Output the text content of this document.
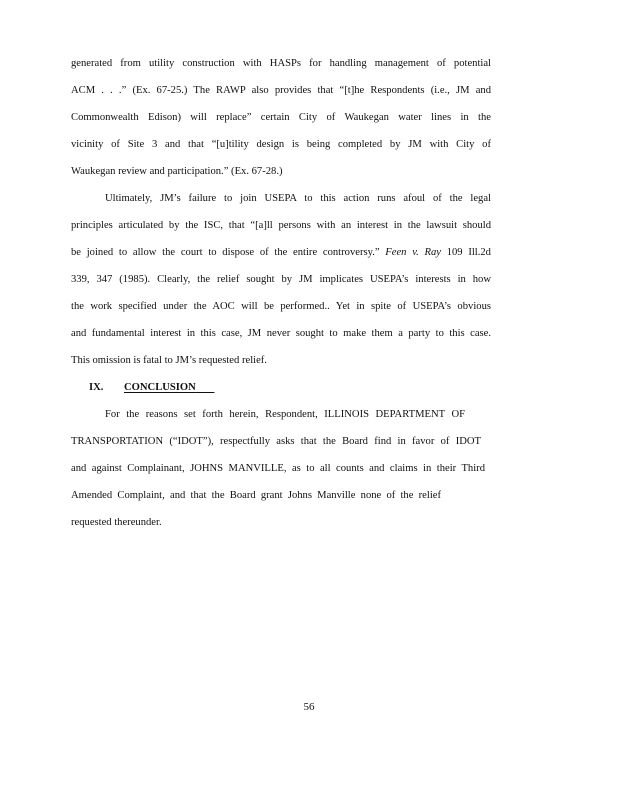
generated from utility construction with HASPs for handling management of potential
ACM . . .” (Ex. 67-25.) The RAWP also provides that “[t]he Respondents (i.e., JM and
Commonwealth Edison) will replace” certain City of Waukegan water lines in the
vicinity of Site 3 and that “[u]tility design is being completed by JM with City of
Waukegan review and participation.” (Ex. 67-28.)
Ultimately, JM’s failure to join USEPA to this action runs afoul of the legal
principles articulated by the ISC, that “[a]ll persons with an interest in the lawsuit should
be joined to allow the court to dispose of the entire controversy.” Feen v. Ray 109 Ill.2d
339, 347 (1985). Clearly, the relief sought by JM implicates USEPA’s interests in how
the work specified under the AOC will be performed.. Yet in spite of USEPA’s obvious
and fundamental interest in this case, JM never sought to make them a party to this case.
This omission is fatal to JM’s requested relief.
IX. CONCLUSION
For the reasons set forth herein, Respondent, ILLINOIS DEPARTMENT OF
TRANSPORTATION (“IDOT”), respectfully asks that the Board find in favor of IDOT
and against Complainant, JOHNS MANVILLE, as to all counts and claims in their Third
Amended Complaint, and that the Board grant Johns Manville none of the relief
requested thereunder.
56
